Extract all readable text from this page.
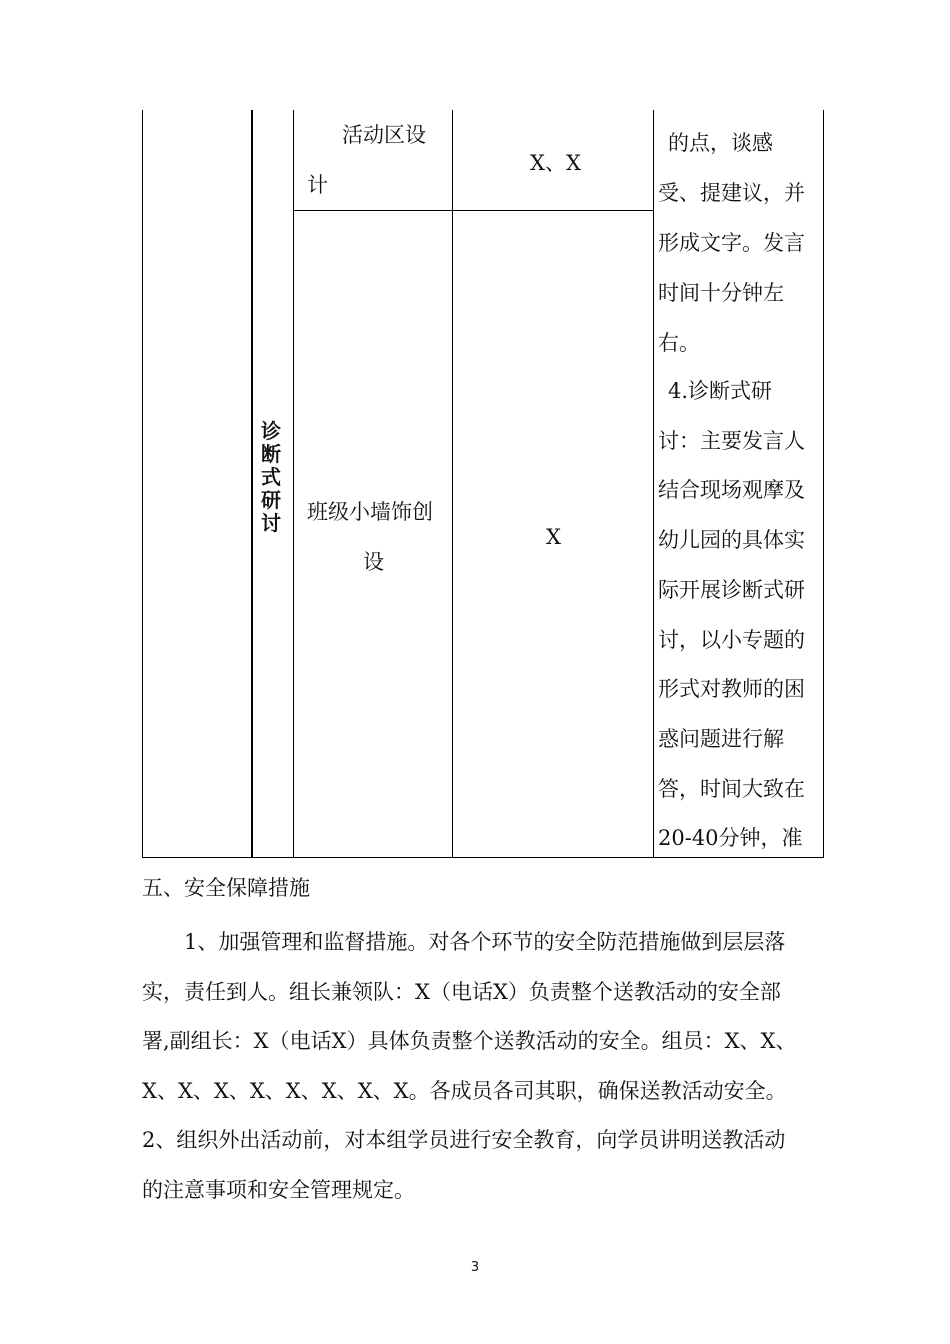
诊
断
式
研
讨
活动区设
计
X、X
班级小墙饰创
设
X
的点，谈感
受、提建议，并
形成文字。发言
时间十分钟左
右。
4.诊断式研
讨：主要发言人
结合现场观摩及
幼儿园的具体实
际开展诊断式研
讨，以小专题的
形式对教师的困
惑问题进行解
答，时间大致在
20-40分钟，准
五、安全保障措施
　　1、加强管理和监督措施。对各个环节的安全防范措施做到层层落
实，责任到人。组长兼领队：X（电话X）负责整个送教活动的安全部
署,副组长：X（电话X）具体负责整个送教活动的安全。组员：X、X、
X、X、X、X、X、X、X、X。各成员各司其职，确保送教活动安全。
2、组织外出活动前，对本组学员进行安全教育，向学员讲明送教活动
的注意事项和安全管理规定。
3
